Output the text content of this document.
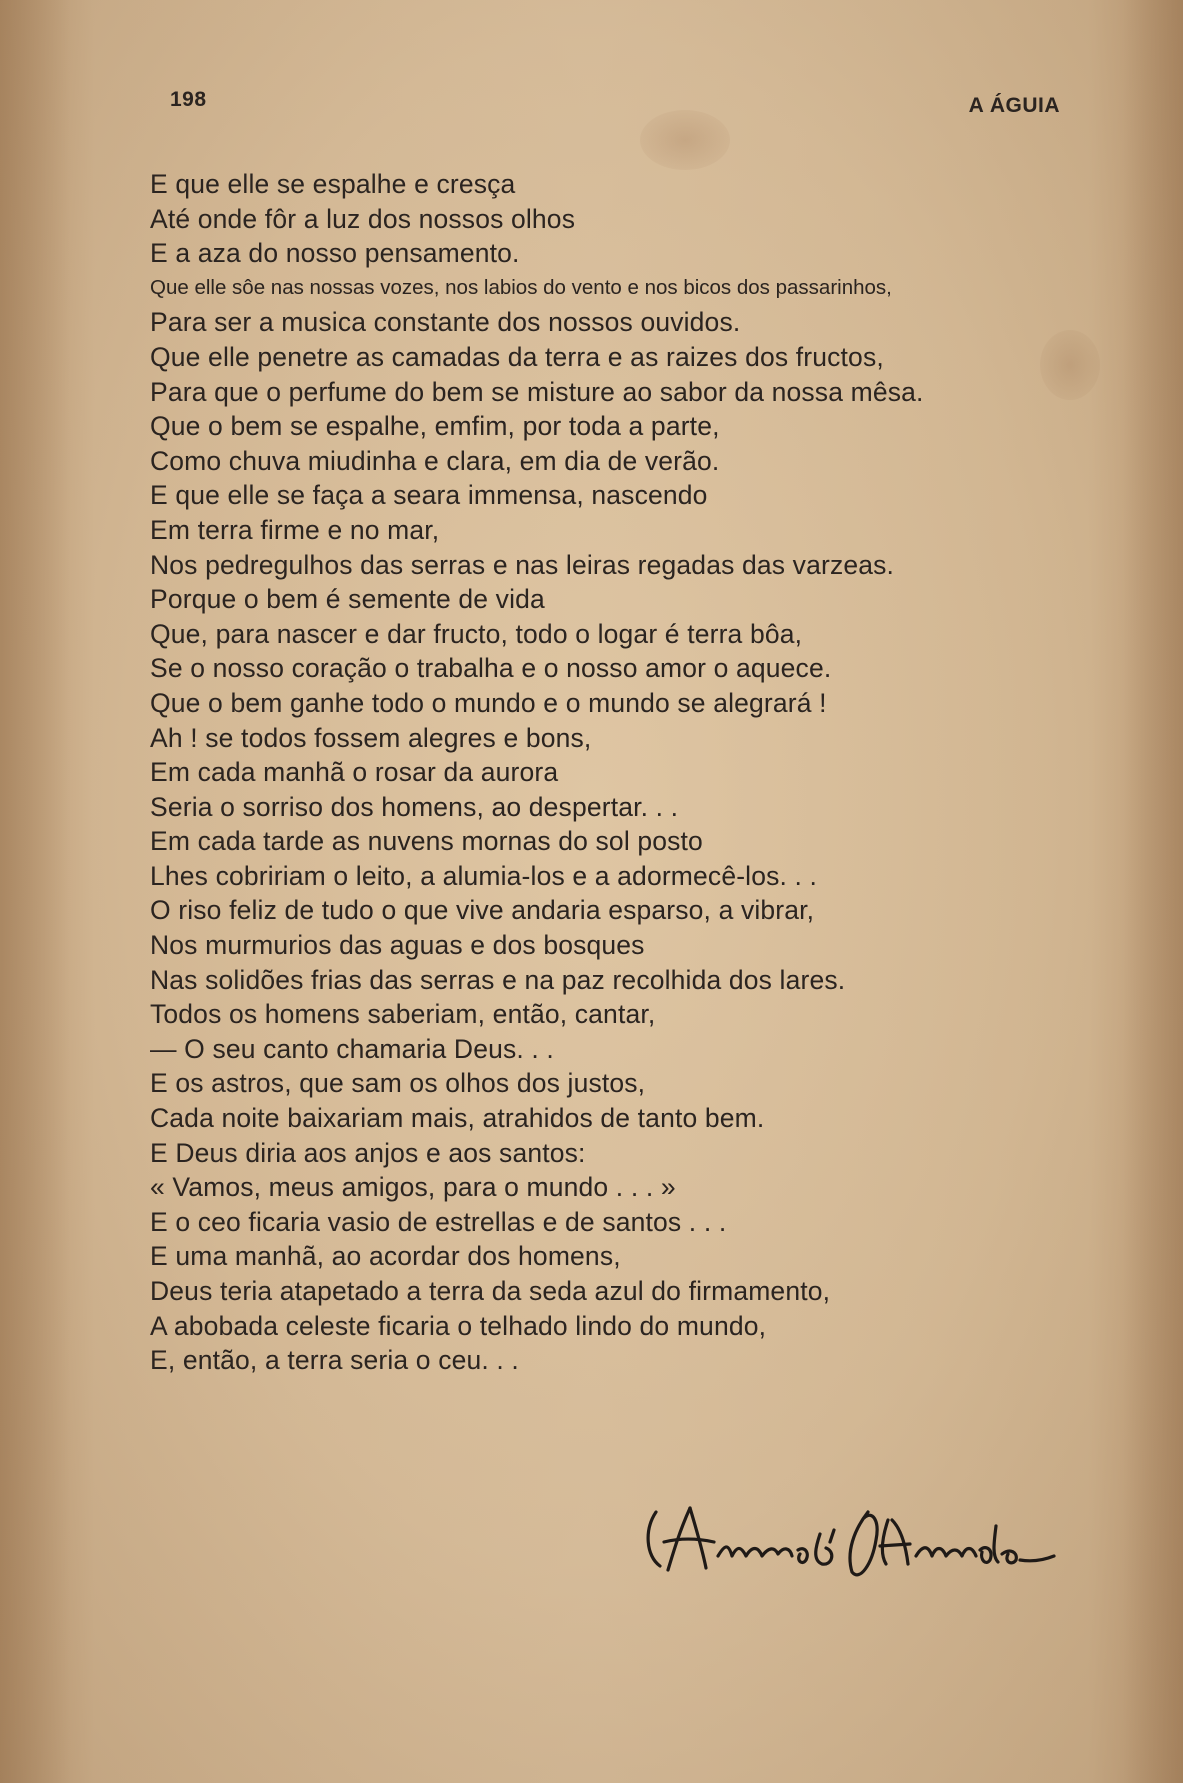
198	A ÁGUIA
E que elle se espalhe e cresça
Até onde fôr a luz dos nossos olhos
E a aza do nosso pensamento.
Que elle sôe nas nossas vozes, nos labios do vento e nos bicos dos passarinhos,
Para ser a musica constante dos nossos ouvidos.
Que elle penetre as camadas da terra e as raizes dos fructos,
Para que o perfume do bem se misture ao sabor da nossa mêsa.
Que o bem se espalhe, emfim, por toda a parte,
Como chuva miudinha e clara, em dia de verão.
E que elle se faça a seara immensa, nascendo
Em terra firme e no mar,
Nos pedregulhos das serras e nas leiras regadas das varzeas.
Porque o bem é semente de vida
Que, para nascer e dar fructo, todo o logar é terra bôa,
Se o nosso coração o trabalha e o nosso amor o aquece.
Que o bem ganhe todo o mundo e o mundo se alegrará !
Ah ! se todos fossem alegres e bons,
Em cada manhã o rosar da aurora
Seria o sorriso dos homens, ao despertar. . .
Em cada tarde as nuvens mornas do sol posto
Lhes cobririam o leito, a alumia-los e a adormecê-los. . .
O riso feliz de tudo o que vive andaria esparso, a vibrar,
Nos murmurios das aguas e dos bosques
Nas solidões frias das serras e na paz recolhida dos lares.
Todos os homens saberiam, então, cantar,
— O seu canto chamaria Deus. . .
E os astros, que sam os olhos dos justos,
Cada noite baixariam mais, atrahidos de tanto bem.
E Deus diria aos anjos e aos santos:
« Vamos, meus amigos, para o mundo . . . »
E o ceo ficaria vasio de estrellas e de santos . . .
E uma manhã, ao acordar dos homens,
Deus teria atapetado a terra da seda azul do firmamento,
A abobada celeste ficaria o telhado lindo do mundo,
E, então, a terra seria o ceu. . .
